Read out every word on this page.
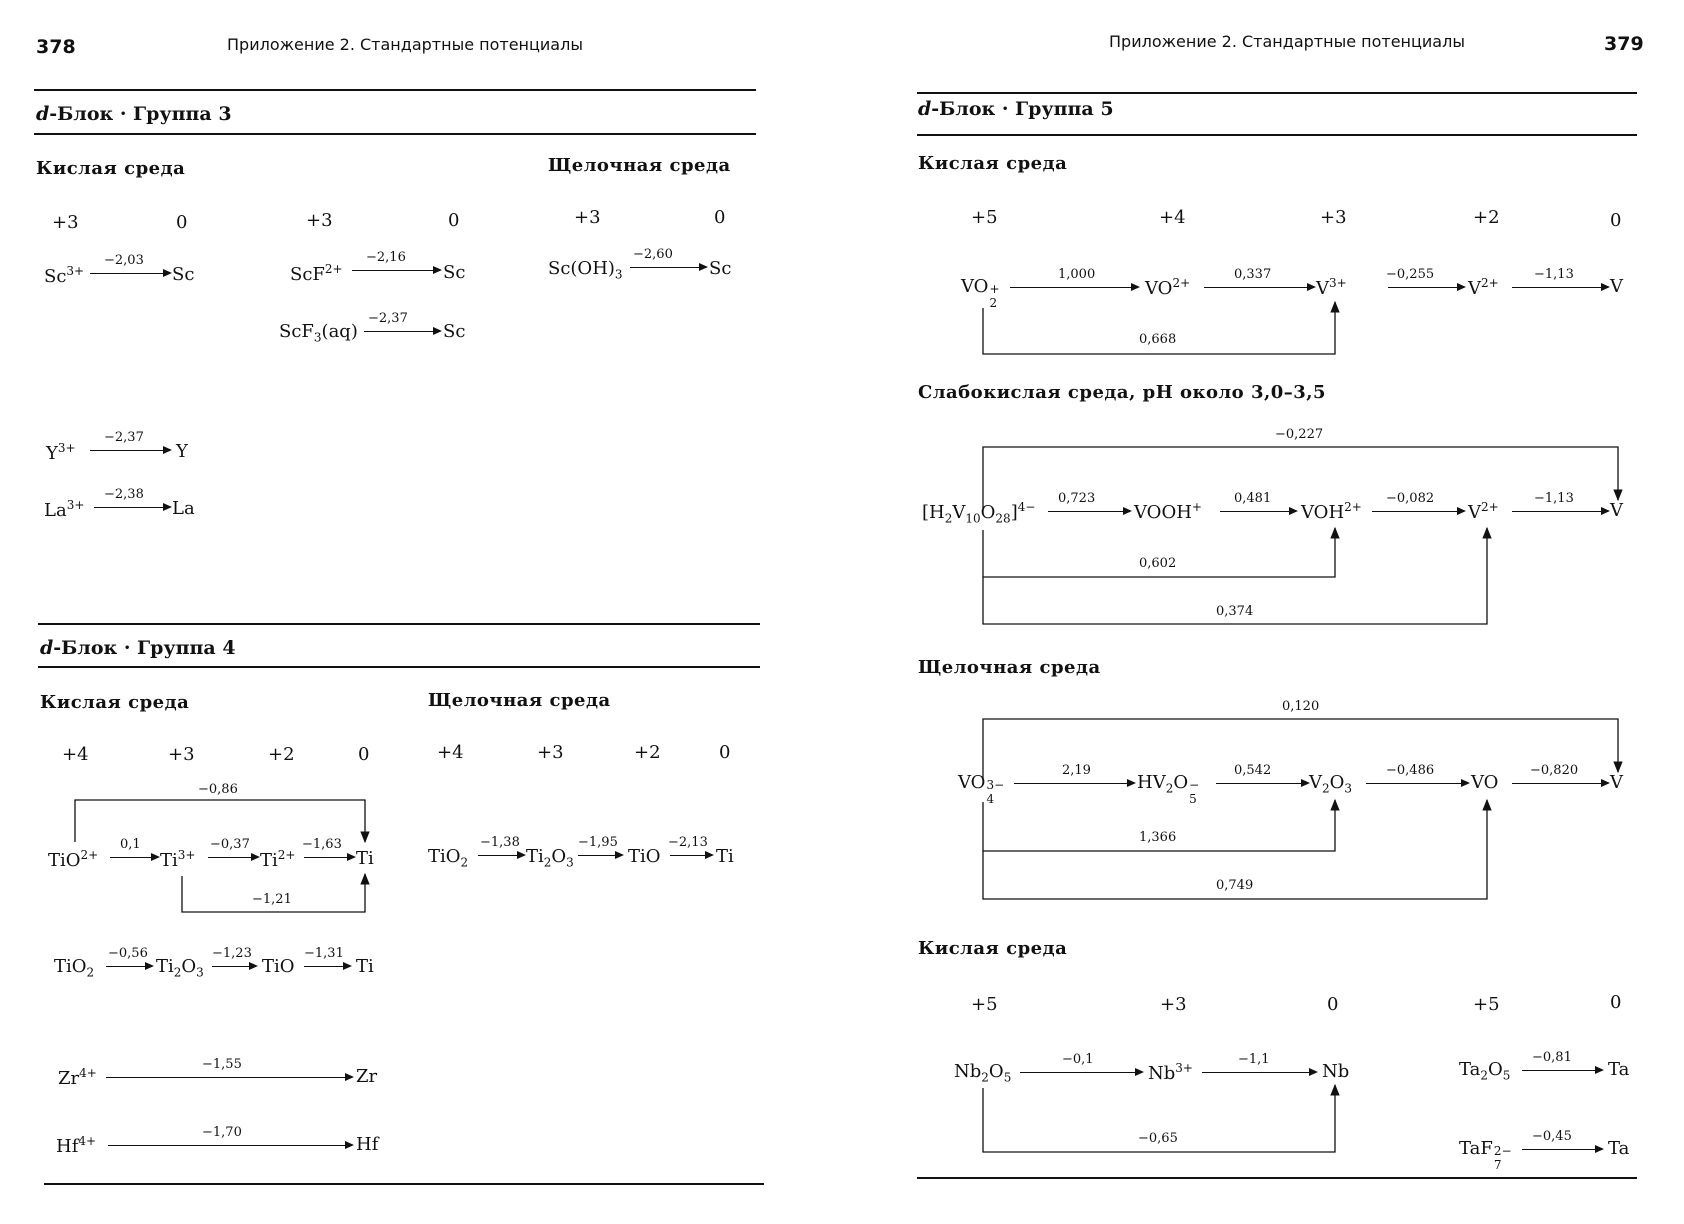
378	Приложение 2. Стандартные потенциалы
d-Блок · Группа 3
Кислая среда	Щелочная среда
+3	0	+3	0	+3	0
$Sc^{3+}$
−2,03
Sc	ScF$^{2+}$
−2,16
Sc
ScF$_3$(aq)
−2,37
Sc
$Sc(OH)_3$
−2,60
Sc
$Y^{3+}$
−2,37
Y
$La^{3+}$
−2,38
La
d-Блок · Группа 4
Кислая среда	Щелочная среда
+4	+3	+2	0	+4	+3	+2	0
−0,86
TiO$^{2+}$
0,1
$Ti^{3+}$
−0,37
$Ti^{2+}$
−1,63
Ti
−1,21
TiO$_2$
−1,38
$Ti_2O_3$
−1,95
TiO
−2,13
Ti
TiO$_2$
−0,56
$Ti_2O_3$
−1,23
TiO
−1,31
Ti
$Zr^{4+}$
−1,55
Zr
$Hf^{4+}$
−1,70
Hf
Приложение 2. Стандартные потенциалы	379
d-Блок · Группа 5
Кислая среда
+5	+4	+3	+2	0
VO +
2
1,000
$VO^{2+}$
0,337
$V^{3+}$
−0,255
$V^{2+}$
−1,13
V
0,668
Слабокислая среда, pH около 3,0–3,5
−0,227
$[H_2V_{10}O_{28}]^{4-}$
0,723
VOOH+
0,481
$VOH^{2+}$
−0,082
$V^{2+}$
−1,13
V
0,602
0,374
Щелочная среда
0,120
VO 3−
4
2,19
$HV_2O$ −
5
0,542
$V_2O_3$
−0,486
VO
−0,820
V
1,366
0,749
Кислая среда
+5	+3	0	+5	0
$Nb_2O_5$
−0,1
$Nb^{3+}$
−1,1
Nb
−0,65
$Ta_2O_5$
−0,81
Ta
TaF 2−
7
−0,45
Ta
